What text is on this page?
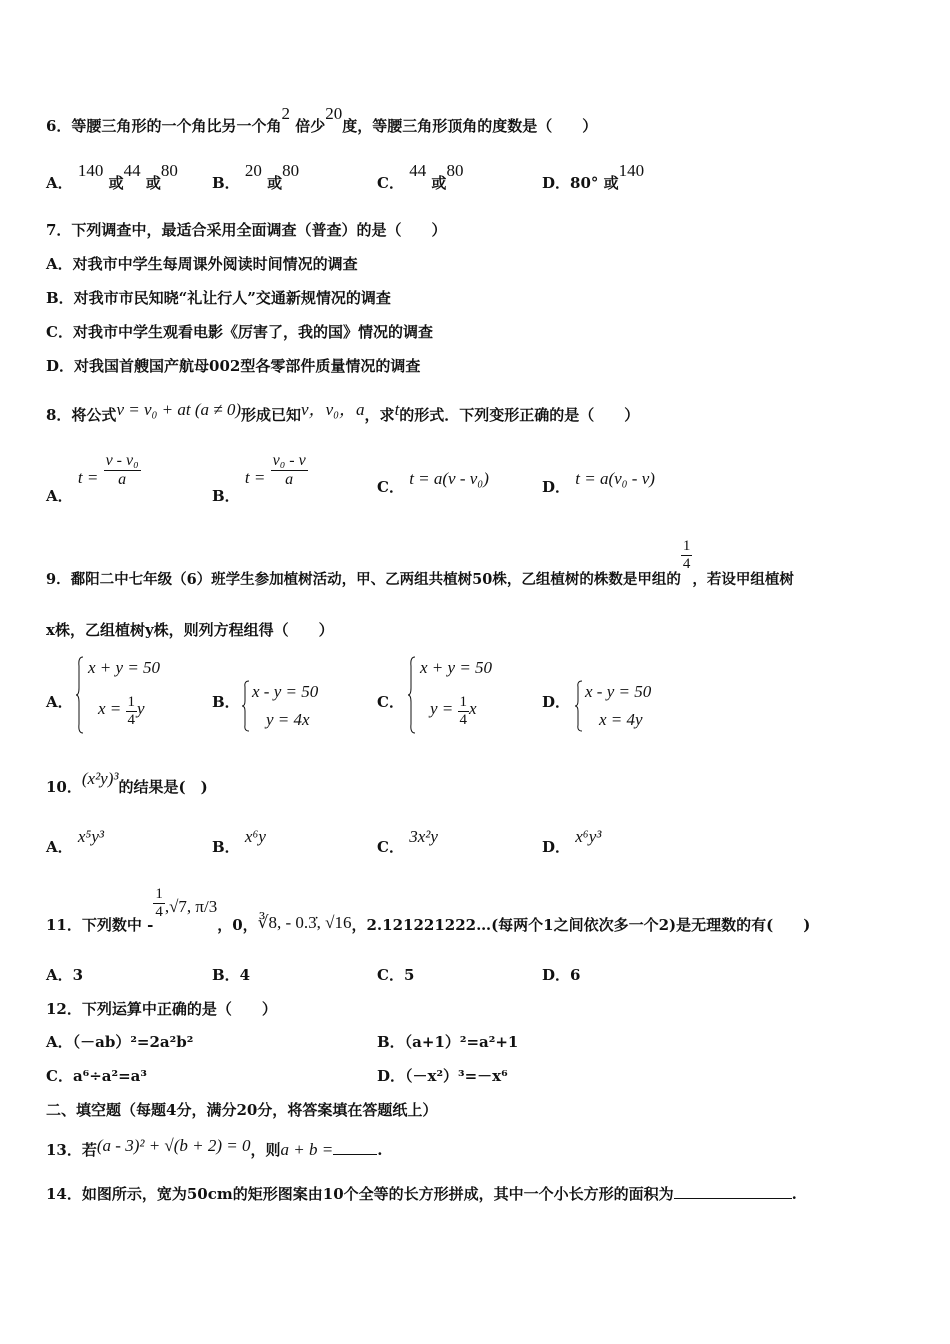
6．等腰三角形的一个角比另一个角2 倍少20度，等腰三角形顶角的度数是（　　）
A． 140 或44 或80
B． 20 或80
C． 44 或80
D．80° 或140
7．下列调查中，最适合采用全面调查（普查）的是（　　）
A．对我市中学生每周课外阅读时间情况的调查
B．对我市市民知晓“礼让行人”交通新规情况的调查
C．对我市中学生观看电影《厉害了，我的国》情况的调查
D．对我国首艘国产航母002型各零部件质量情况的调查
8．将公式v = v₀ + at (a ≠ 0)形成已知v，v₀，a，求t的形式．下列变形正确的是（　　）
A． $t = \frac{\text{v - v₀}}{a}$
B． $t = \frac{\text{v₀ - v}}{a}$	C． t = a(v - v₀)	D． t = a(v₀ - v)
9．鄱阳二中七年级（6）班学生参加植树活动，甲、乙两组共植树50株，乙组植树的株数是甲组的
$\frac{1}{4}$
，若设甲组植树
x株，乙组植树y株，则列方程组得（　　）
A．
x + y = 50
$x = \frac{1}{4}$ y	B．
x - y = 50
y = 4x
C．
x + y = 50
$y = \frac{1}{4}$ x	D．
x - y = 50
x = 4y
10．(x²y)³的结果是(　)
A． x⁵y³
B． x⁶y
C． 3x²y
D． x⁶y³
11．下列数中 -
$\frac{1}{4} ,√7$, π/3，0，∛8, - 0.3̇, √16，2.121221222…(每两个1之间依次多一个2)是无理数的有(　　)
A．3	B．4	C．5	D．6
12．下列运算中正确的是（　　）
A．（－ab）²=2a²b²	B．（a+1）²=a²+1
C．a⁶÷a²=a³	D．（－x²）³=－x⁶
二、填空题（每题4分，满分20分，将答案填在答题纸上）
13．若(a - 3)² + √(b + 2) = 0，则a + b =	.
14．如图所示，宽为50cm的矩形图案由10个全等的长方形拼成，其中一个小长方形的面积为	.
